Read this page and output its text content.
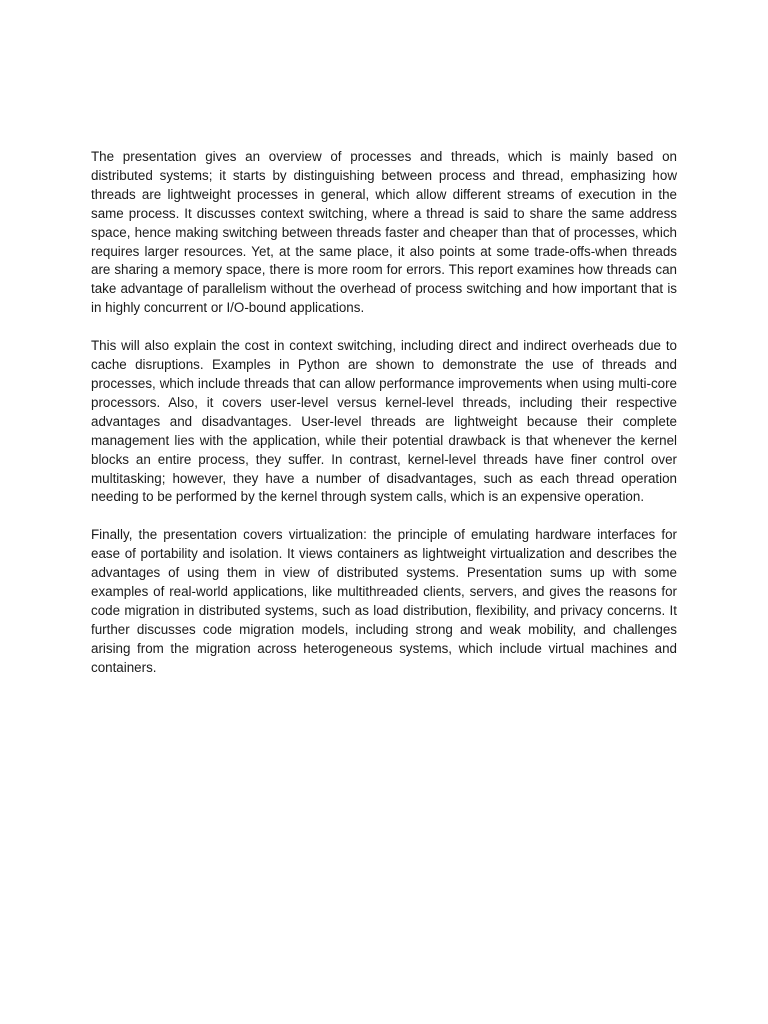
The presentation gives an overview of processes and threads, which is mainly based on distributed systems; it starts by distinguishing between process and thread, emphasizing how threads are lightweight processes in general, which allow different streams of execution in the same process. It discusses context switching, where a thread is said to share the same address space, hence making switching between threads faster and cheaper than that of processes, which requires larger resources. Yet, at the same place, it also points at some trade-offs-when threads are sharing a memory space, there is more room for errors. This report examines how threads can take advantage of parallelism without the overhead of process switching and how important that is in highly concurrent or I/O-bound applications.

This will also explain the cost in context switching, including direct and indirect overheads due to cache disruptions. Examples in Python are shown to demonstrate the use of threads and processes, which include threads that can allow performance improvements when using multi-core processors. Also, it covers user-level versus kernel-level threads, including their respective advantages and disadvantages. User-level threads are lightweight because their complete management lies with the application, while their potential drawback is that whenever the kernel blocks an entire process, they suffer. In contrast, kernel-level threads have finer control over multitasking; however, they have a number of disadvantages, such as each thread operation needing to be performed by the kernel through system calls, which is an expensive operation.

Finally, the presentation covers virtualization: the principle of emulating hardware interfaces for ease of portability and isolation. It views containers as lightweight virtualization and describes the advantages of using them in view of distributed systems. Presentation sums up with some examples of real-world applications, like multithreaded clients, servers, and gives the reasons for code migration in distributed systems, such as load distribution, flexibility, and privacy concerns. It further discusses code migration models, including strong and weak mobility, and challenges arising from the migration across heterogeneous systems, which include virtual machines and containers.
